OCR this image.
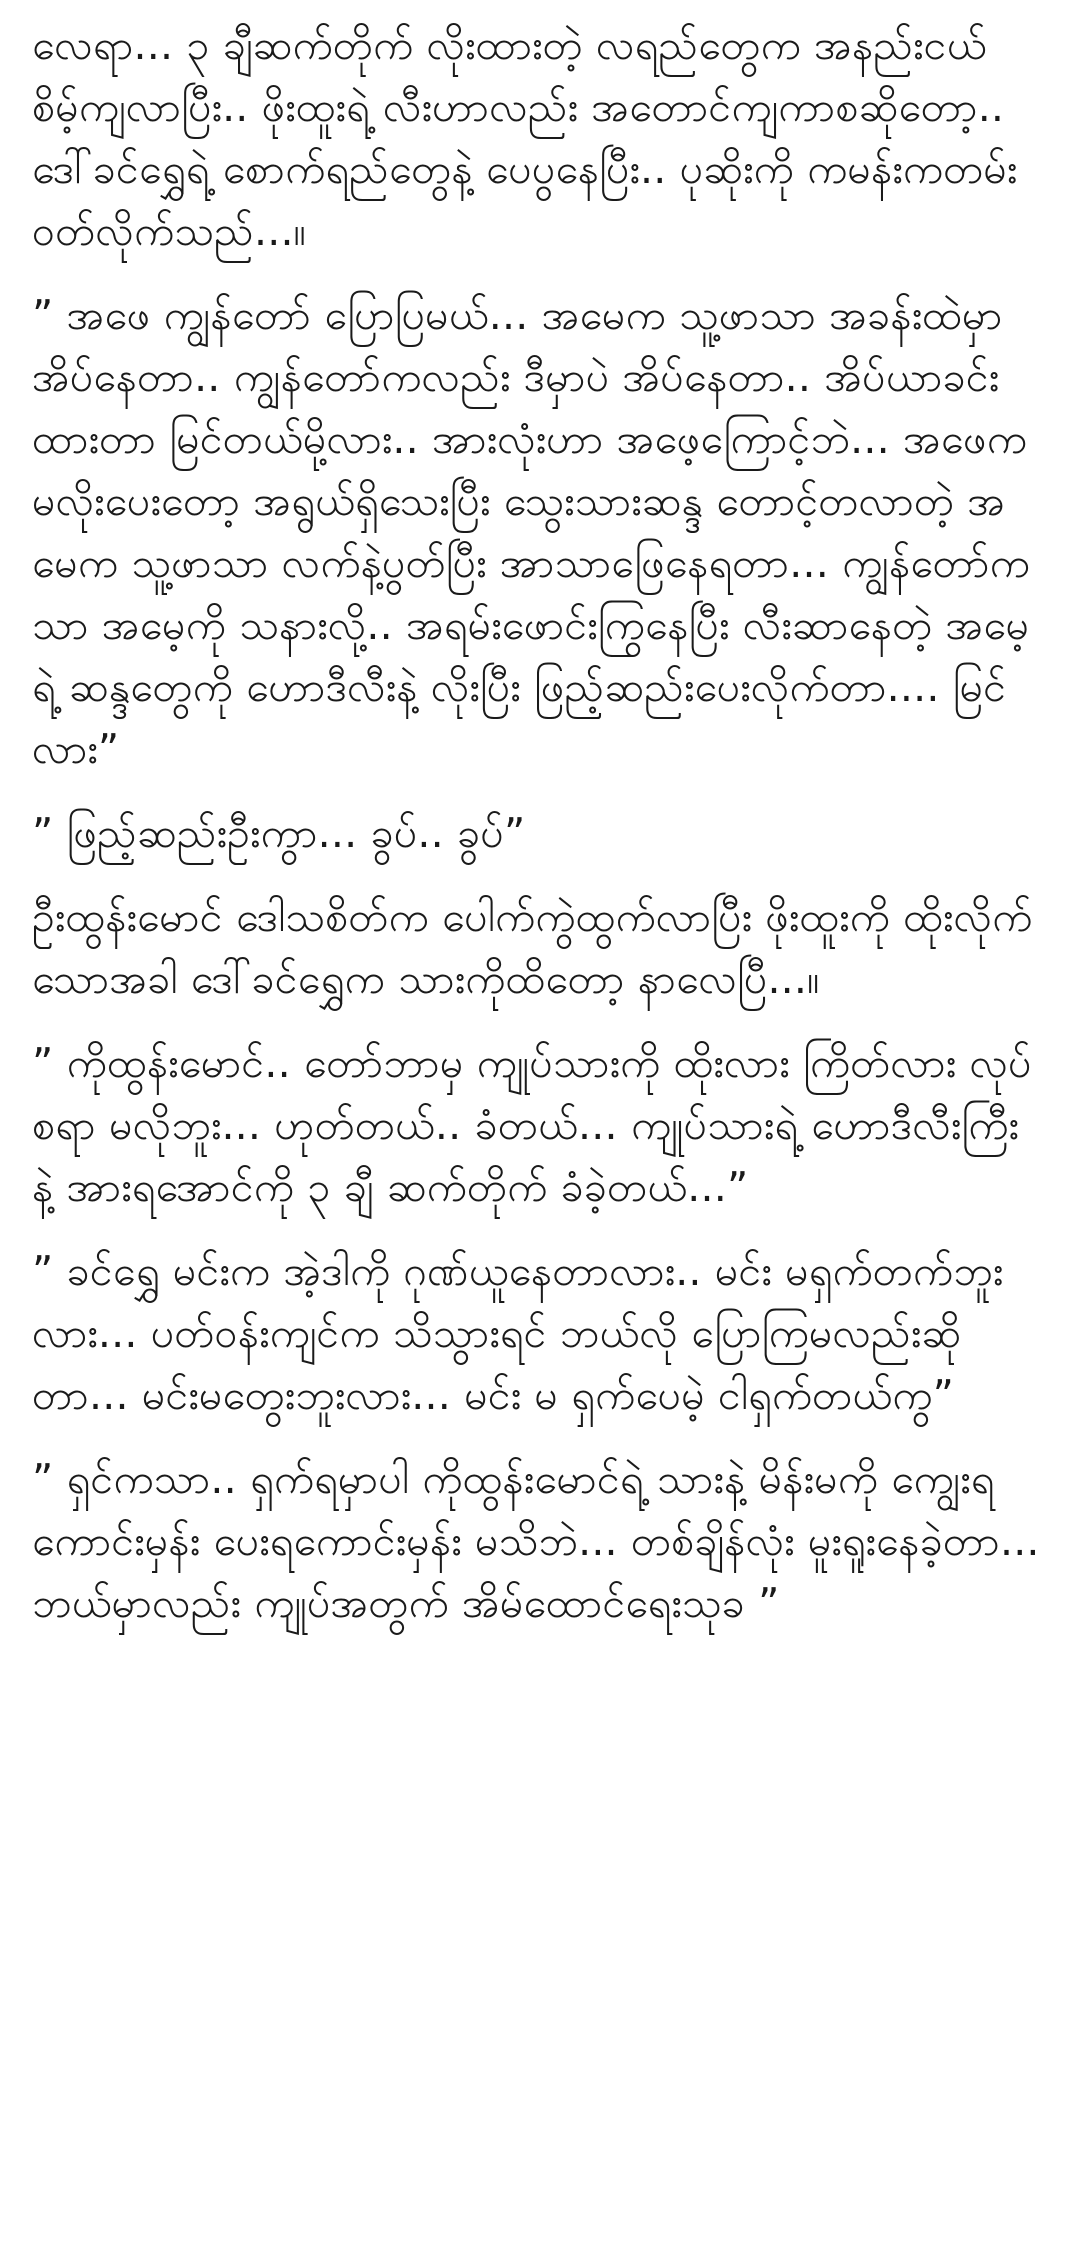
လေရာ... ၃ ချီဆက်တိုက် လိုးထားတဲ့ လရည်တွေက အနည်းငယ် စိမ့်ကျလာပြီး.. ဖိုးထူးရဲ့ လီးဟာလည်း အတောင်ကျကာစဆိုတော့.. ဒေါ်ခင်ရွှေရဲ့ စောက်ရည်တွေနဲ့ ပေပွနေပြီး.. ပုဆိုးကို ကမန်းကတမ်း ဝတ်လိုက်သည်...။

” အဖေ ကျွန်တော် ပြောပြမယ်... အမေက သူ့ဖာသာ အခန်းထဲမှာ အိပ်နေတာ.. ကျွန်တော်ကလည်း ဒီမှာပဲ အိပ်နေတာ.. အိပ်ယာခင်းထားတာ မြင်တယ်မို့လား.. အားလုံးဟာ အဖေ့ကြောင့်ဘဲ... အဖေက မလိုးပေးတော့ အရွယ်ရှိသေးပြီး သွေးသားဆန္ဒ တောင့်တလာတဲ့ အမေက သူ့ဖာသာ လက်နဲ့ပွတ်ပြီး အာသာဖြေနေရတာ... ကျွန်တော်က သာ အမေ့ကို သနားလို့.. အရမ်းဖောင်းကြွနေပြီး လီးဆာနေတဲ့ အမေ့ရဲ့ ဆန္ဒတွေကို ဟောဒီလီးနဲ့ လိုးပြီး ဖြည့်ဆည်းပေးလိုက်တာ.... မြင်လား”

” ဖြည့်ဆည်းဦးကွာ... ခွပ်.. ခွပ်”

ဦးထွန်းမောင် ဒေါသစိတ်က ပေါက်ကွဲထွက်လာပြီး ဖိုးထူးကို ထိုးလိုက်သောအခါ ဒေါ်ခင်ရွှေက သားကိုထိတော့ နာလေပြီ...။

” ကိုထွန်းမောင်.. တော်ဘာမှ ကျုပ်သားကို ထိုးလား ကြိတ်လား လုပ်စရာ မလိုဘူး... ဟုတ်တယ်.. ခံတယ်... ကျုပ်သားရဲ့ ဟောဒီလီးကြီးနဲ့ အားရအောင်ကို ၃ ချီ ဆက်တိုက် ခံခဲ့တယ်...”

” ခင်ရွှေ မင်းက အဲ့ဒါကို ဂုဏ်ယူနေတာလား.. မင်း မရှက်တက်ဘူးလား... ပတ်ဝန်းကျင်က သိသွားရင် ဘယ်လို ပြောကြမလည်းဆိုတာ... မင်းမတွေးဘူးလား... မင်း မ ရှက်ပေမဲ့ ငါရှက်တယ်ကွ”

” ရှင်ကသာ.. ရှက်ရမှာပါ ကိုထွန်းမောင်ရဲ့ သားနဲ့ မိန်းမကို ကျွေးရကောင်းမှန်း ပေးရကောင်းမှန်း မသိဘဲ... တစ်ချိန်လုံး မူးရူးနေခဲ့တာ... ဘယ်မှာလည်း ကျုပ်အတွက် အိမ်ထောင်ရေးသုခ ”
